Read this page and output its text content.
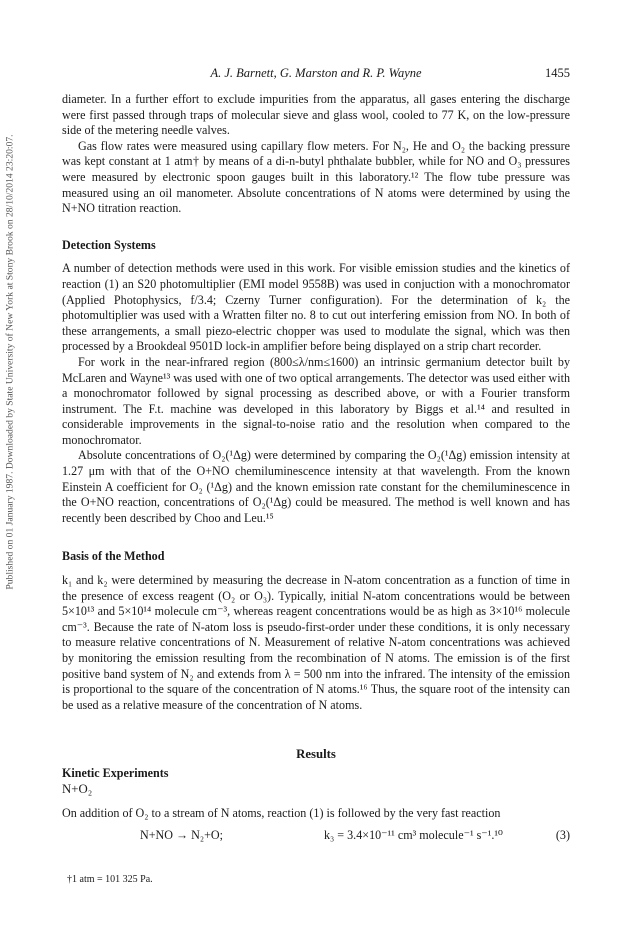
Published on 01 January 1987. Downloaded by State University of New York at Stony Brook on 28/10/2014 23:20:07.
A. J. Barnett, G. Marston and R. P. Wayne	1455

diameter. In a further effort to exclude impurities from the apparatus, all gases entering the discharge were first passed through traps of molecular sieve and glass wool, cooled to 77 K, on the low-pressure side of the metering needle valves.

Gas flow rates were measured using capillary flow meters. For N₂, He and O₂ the backing pressure was kept constant at 1 atm† by means of a di-n-butyl phthalate bubbler, while for NO and O₃ pressures were measured by electronic spoon gauges built in this laboratory.¹² The flow tube pressure was measured using an oil manometer. Absolute concentrations of N atoms were determined by using the N+NO titration reaction.

Detection Systems

A number of detection methods were used in this work. For visible emission studies and the kinetics of reaction (1) an S20 photomultiplier (EMI model 9558B) was used in conjuction with a monochromator (Applied Photophysics, f/3.4; Czerny Turner configuration). For the determination of k₂ the photomultiplier was used with a Wratten filter no. 8 to cut out interfering emission from NO. In both of these arrangements, a small piezo-electric chopper was used to modulate the signal, which was then processed by a Brookdeal 9501D lock-in amplifier before being displayed on a strip chart recorder.

For work in the near-infrared region (800≤λ/nm≤1600) an intrinsic germanium detector built by McLaren and Wayne¹³ was used with one of two optical arrangements. The detector was used either with a monochromator followed by signal processing as described above, or with a Fourier transform instrument. The F.t. machine was developed in this laboratory by Biggs et al.¹⁴ and resulted in considerable improvements in the signal-to-noise ratio and the resolution when compared to the monochromator.

Absolute concentrations of O₂(¹Δg) were determined by comparing the O₂(¹Δg) emission intensity at 1.27 μm with that of the O+NO chemiluminescence intensity at that wavelength. From the known Einstein A coefficient for O₂ (¹Δg) and the known emission rate constant for the chemiluminescence in the O+NO reaction, concentrations of O₂(¹Δg) could be measured. The method is well known and has recently been described by Choo and Leu.¹⁵

Basis of the Method

k₁ and k₂ were determined by measuring the decrease in N-atom concentration as a function of time in the presence of excess reagent (O₂ or O₃). Typically, initial N-atom concentrations would be between 5×10¹³ and 5×10¹⁴ molecule cm⁻³, whereas reagent concentrations would be as high as 3×10¹⁶ molecule cm⁻³. Because the rate of N-atom loss is pseudo-first-order under these conditions, it is only necessary to measure relative concentrations of N. Measurement of relative N-atom concentrations was achieved by monitoring the emission resulting from the recombination of N atoms. The emission is of the first positive band system of N₂ and extends from λ = 500 nm into the infrared. The intensity of the emission is proportional to the square of the concentration of N atoms.¹⁶ Thus, the square root of the intensity can be used as a relative measure of the concentration of N atoms.

Results
Kinetic Experiments

N+O₂

On addition of O₂ to a stream of N atoms, reaction (1) is followed by the very fast reaction

N+NO → N₂+O;	k₃ = 3.4×10⁻¹¹ cm³ molecule⁻¹ s⁻¹.¹⁰	(3)
†1 atm = 101 325 Pa.
